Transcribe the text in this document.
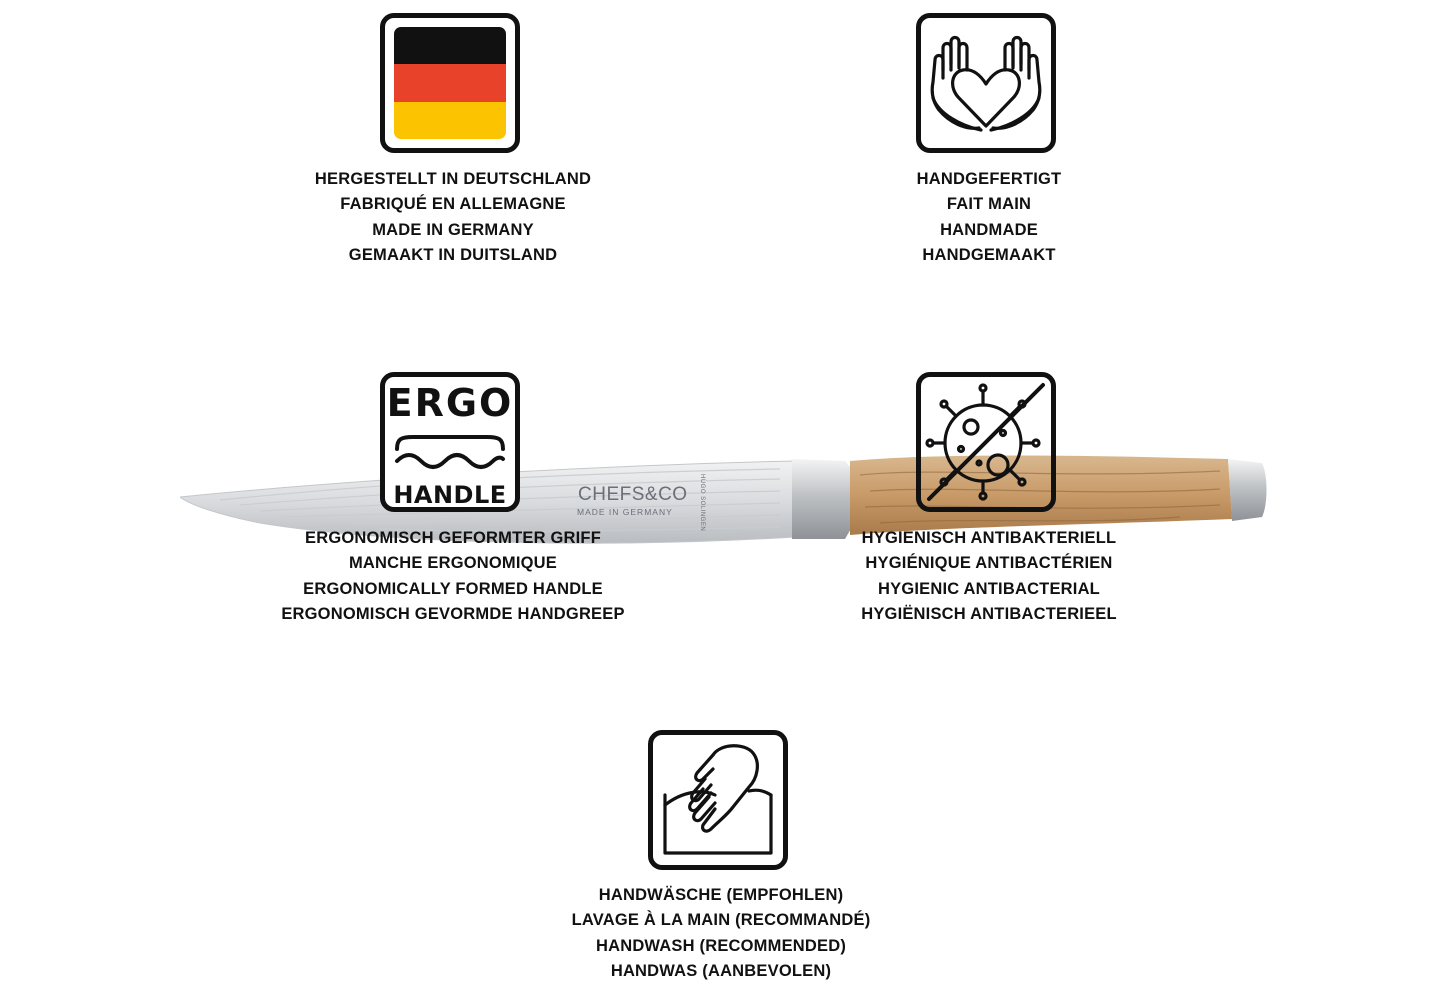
CHEFS&CO
MADE IN GERMANY	HUGO SOLINGEN
HERGESTELLT IN DEUTSCHLAND
FABRIQUÉ EN ALLEMAGNE
MADE IN GERMANY
GEMAAKT IN DUITSLAND
HANDGEFERTIGT
FAIT MAIN
HANDMADE
HANDGEMAAKT
ERGO
HANDLE
ERGONOMISCH GEFORMTER GRIFF
MANCHE ERGONOMIQUE
ERGONOMICALLY FORMED HANDLE
ERGONOMISCH GEVORMDE HANDGREEP
HYGIENISCH ANTIBAKTERIELL
HYGIÉNIQUE ANTIBACTÉRIEN
HYGIENIC ANTIBACTERIAL
HYGIËNISCH ANTIBACTERIEEL
HANDWÄSCHE (EMPFOHLEN)
LAVAGE À LA MAIN (RECOMMANDÉ)
HANDWASH (RECOMMENDED)
HANDWAS (AANBEVOLEN)
